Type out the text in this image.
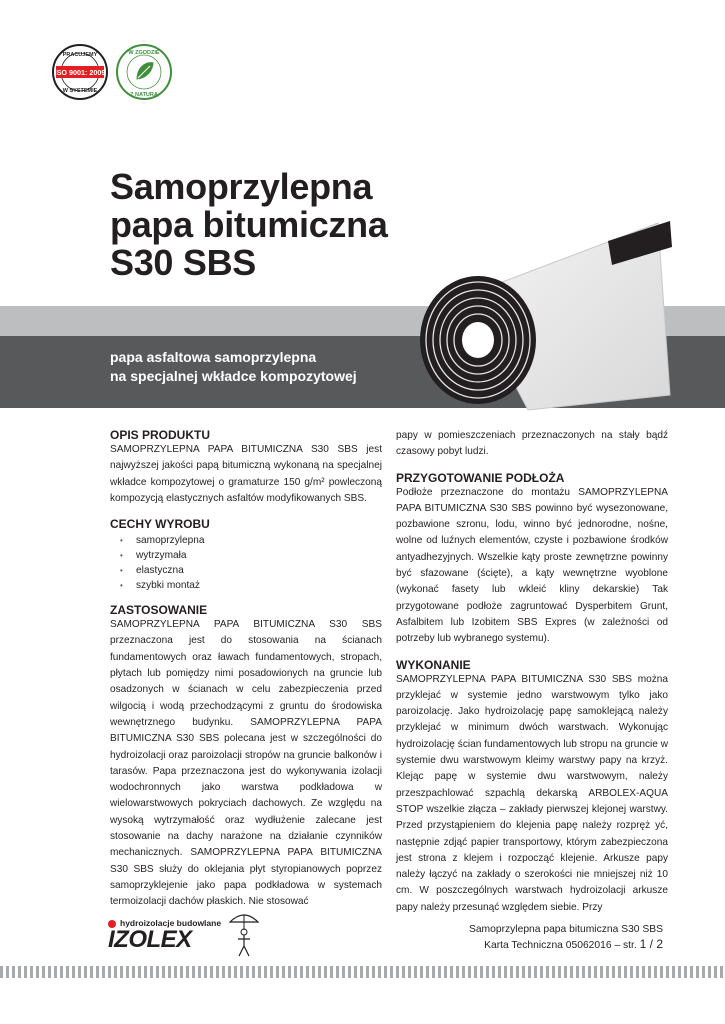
ISO 9001: 2009
PRACUJEMY
W SYSTEMIE
W ZGODZIE
Z NATURĄ
Samoprzylepna
papa bitumiczna
S30 SBS
papa asfaltowa samoprzylepna
na specjalnej wkładce kompozytowej
OPIS PRODUKTU

SAMOPRZYLEPNA PAPA BITUMICZNA S30 SBS jest najwyższej jakości papą bitumiczną wykonaną na specjalnej wkładce kompozytowej o gramaturze 150 g/m² powleczoną kompozycją elastycznych asfaltów modyfikowanych SBS.

CECHY WYROBU
• samoprzylepna
• wytrzymała
• elastyczna
• szybki montaż
ZASTOSOWANIE

SAMOPRZYLEPNA PAPA BITUMICZNA S30 SBS przeznaczona jest do stosowania na ścianach fundamentowych oraz ławach fundamentowych, stropach, płytach lub pomiędzy nimi posadowionych na gruncie lub osadzonych w ścianach w celu zabezpieczenia przed wilgocią i wodą przechodzącymi z gruntu do środowiska wewnętrznego budynku. SAMOPRZYLEPNA PAPA BITUMICZNA S30 SBS polecana jest w szczególności do hydroizolacji oraz paroizolacji stropów na gruncie balkonów i tarasów. Papa przeznaczona jest do wykonywania izolacji wodochronnych jako warstwa podkładowa w wielowarstwowych pokryciach dachowych. Ze względu na wysoką wytrzymałość oraz wydłużenie zalecane jest stosowanie na dachy narażone na działanie czynników mechanicznych. SAMOPRZYLEPNA PAPA BITUMICZNA S30 SBS służy do oklejania płyt styropianowych poprzez samoprzyklejenie jako papa podkładowa w systemach termoizolacji dachów płaskich. Nie stosować

papy w pomieszczeniach przeznaczonych na stały bądź czasowy pobyt ludzi.

PRZYGOTOWANIE PODŁOŻA

Podłoże przeznaczone do montażu SAMOPRZYLEPNA PAPA BITUMICZNA S30 SBS powinno być wysezonowane, pozbawione szronu, lodu, winno być jednorodne, nośne, wolne od luźnych elementów, czyste i pozbawione środków antyadhezyjnych. Wszelkie kąty proste zewnętrzne powinny być sfazowane (ścięte), a kąty wewnętrzne wyoblone (wykonać fasety lub wkleić kliny dekarskie) Tak przygotowane podłoże zagruntować Dysperbitem Grunt, Asfalbitem lub Izobitem SBS Expres (w zależności od potrzeby lub wybranego systemu).

WYKONANIE

SAMOPRZYLEPNA PAPA BITUMICZNA S30 SBS można przyklejać w systemie jedno warstwowym tylko jako paroizolację. Jako hydroizolację papę samoklejącą należy przyklejać w minimum dwóch warstwach. Wykonując hydroizolację ścian fundamentowych lub stropu na gruncie w systemie dwu warstwowym kleimy warstwy papy na krzyż. Klejąc papę w systemie dwu warstwowym, należy przeszpachlować szpachlą dekarską ARBOLEX-AQUA STOP wszelkie złącza – zakłady pierwszej klejonej warstwy. Przed przystąpieniem do klejenia papę należy rozpręż yć, następnie zdjąć papier transportowy, którym zabezpieczona jest strona z klejem i rozpocząć klejenie. Arkusze papy należy łączyć na zakłady o szerokości nie mniejszej niż 10 cm. W poszczególnych warstwach hydroizolacji arkusze papy należy przesunąć względem siebie. Przy

hydroizolacje budowlane
IZOLEX	Samoprzylepna papa bitumiczna S30 SBS
Karta Techniczna 05062016 – str. 1 / 2
